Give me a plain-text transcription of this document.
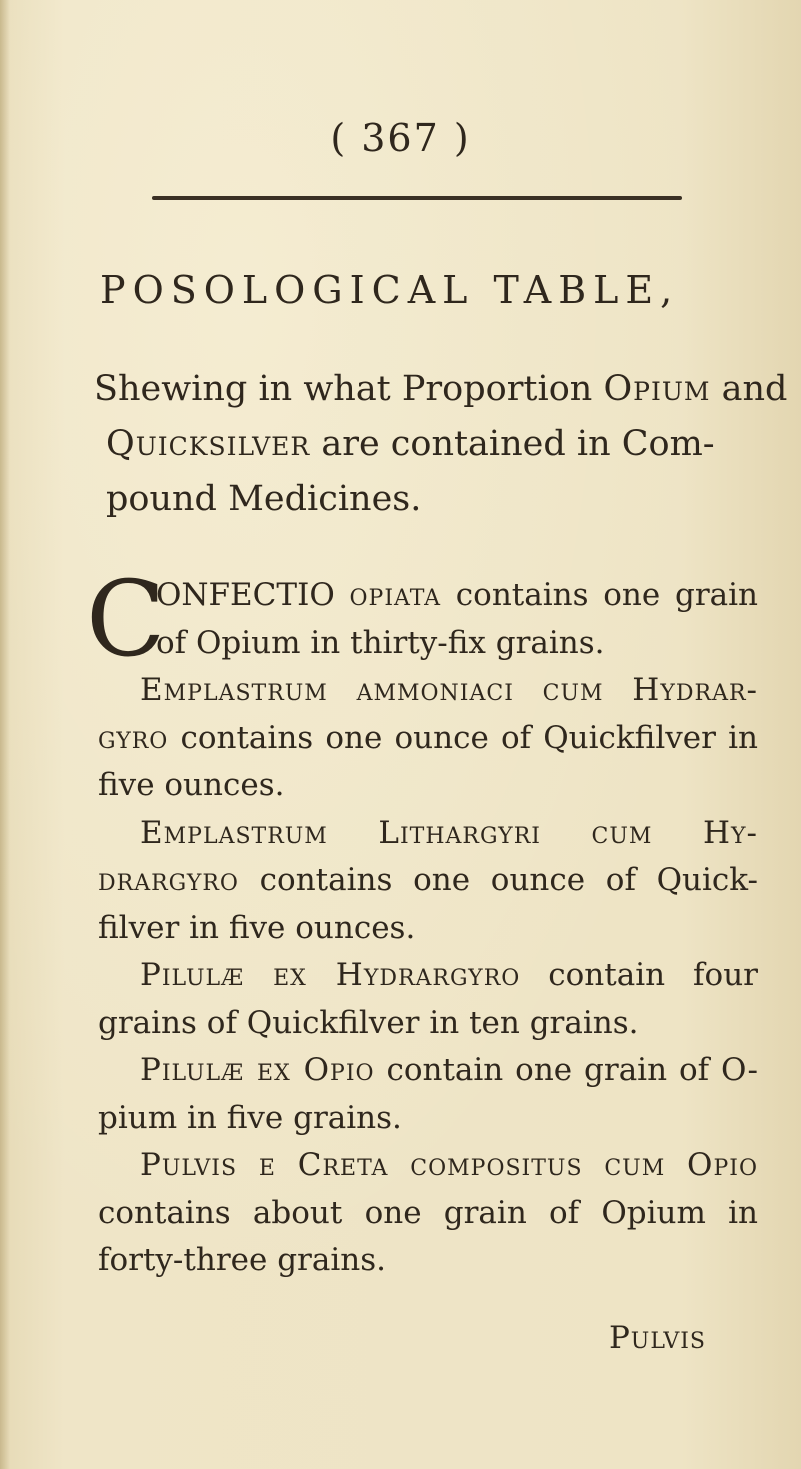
( 367 )
POSOLOGICAL TABLE,
Shewing in what Proportion Opium and
Quicksilver are contained in Com-
pound Medicines.

C
ONFECTIO opiata contains one grain of Opium in thirty-fix grains.

Emplastrum ammoniaci cum Hydrar-gyro contains one ounce of Quickfilver in five ounces.

Emplastrum Lithargyri cum Hy-drargyro contains one ounce of Quick-filver in five ounces.

Pilulæ ex Hydrargyro contain four grains of Quickfilver in ten grains.

Pilulæ ex Opio contain one grain of O-pium in five grains.

Pulvis e Creta compositus cum Opio contains about one grain of Opium in forty-three grains.

Pulvis
